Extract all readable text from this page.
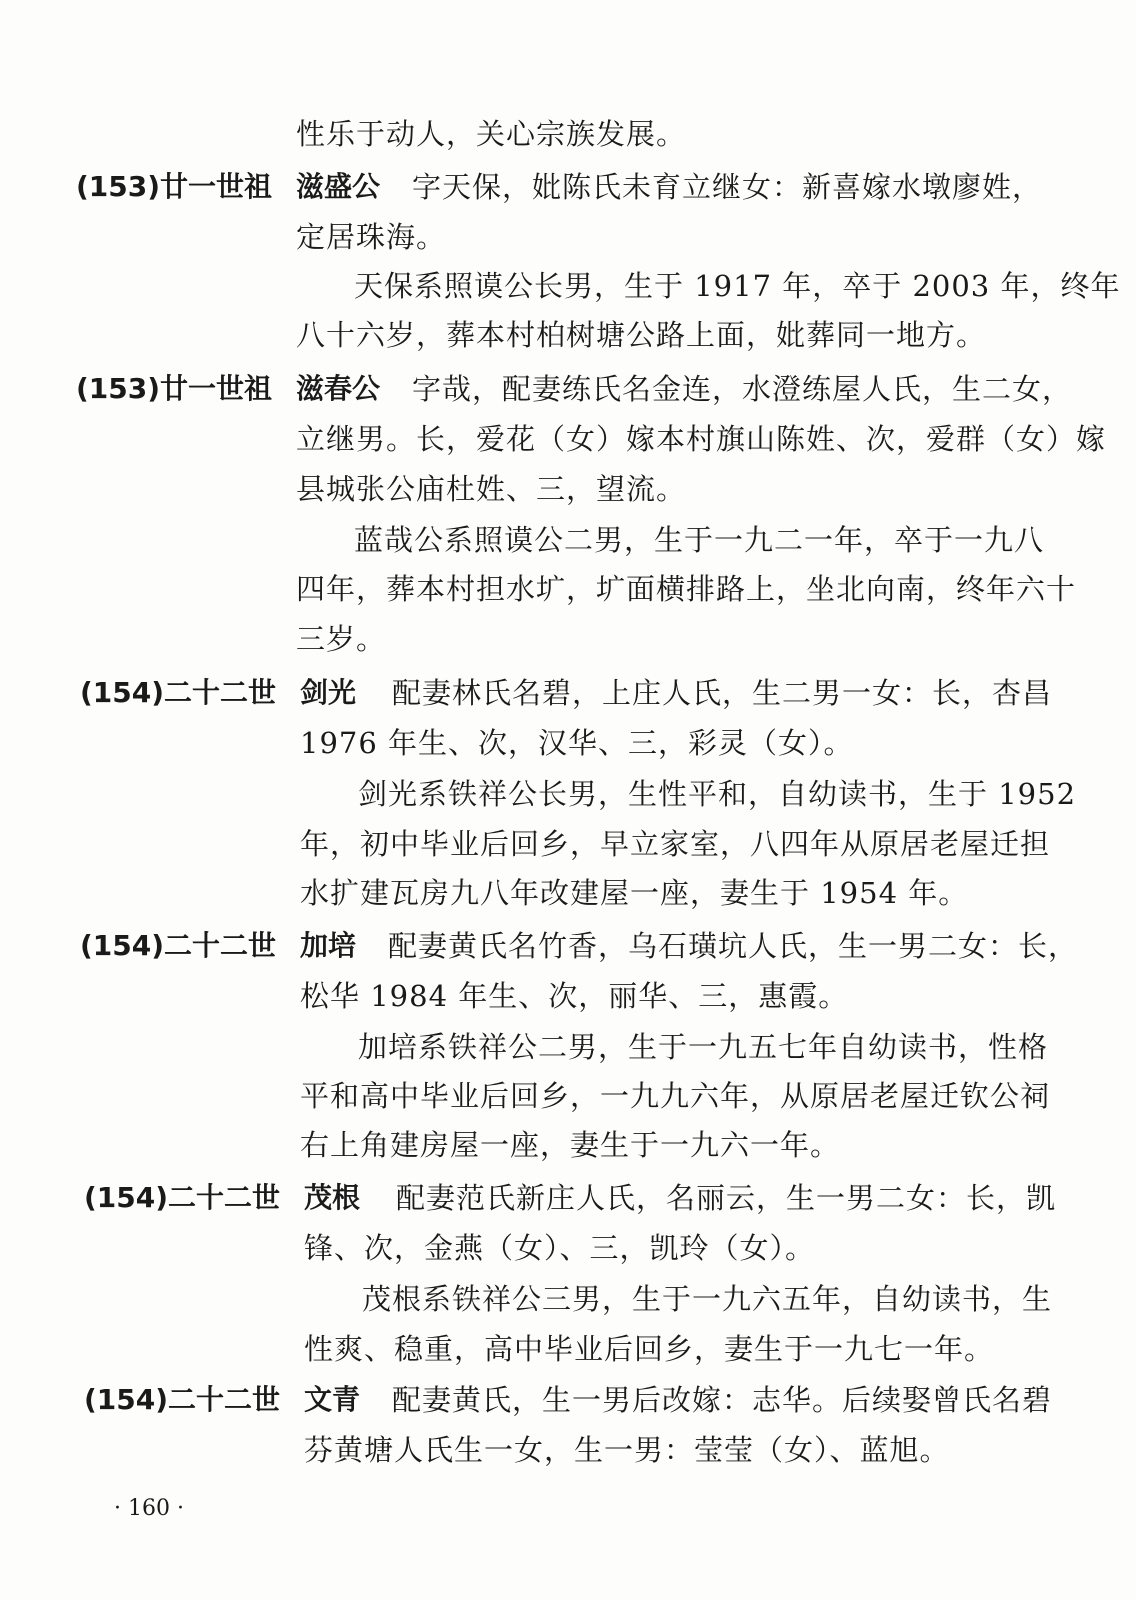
性乐于动人，关心宗族发展。
(153)廿一世祖 滋盛公 字天保，妣陈氏未育立继女：新喜嫁水墩廖姓，
定居珠海。
天保系照谟公长男，生于 1917 年，卒于 2003 年，终年
八十六岁，葬本村柏树塘公路上面，妣葬同一地方。
(153)廿一世祖 滋春公 字哉，配妻练氏名金连，水澄练屋人氏，生二女，
立继男。长，爱花（女）嫁本村旗山陈姓、次，爱群（女）嫁
县城张公庙杜姓、三，望流。
蓝哉公系照谟公二男，生于一九二一年，卒于一九八
四年，葬本村担水圹，圹面横排路上，坐北向南，终年六十
三岁。
(154)二十二世 剑光 配妻林氏名碧，上庄人氏，生二男一女：长，杏昌
1976 年生、次，汉华、三，彩灵（女）。
剑光系铁祥公长男，生性平和，自幼读书，生于 1952
年，初中毕业后回乡，早立家室，八四年从原居老屋迁担
水扩建瓦房九八年改建屋一座，妻生于 1954 年。
(154)二十二世 加培 配妻黄氏名竹香，乌石璜坑人氏，生一男二女：长，
松华 1984 年生、次，丽华、三，惠霞。
加培系铁祥公二男，生于一九五七年自幼读书，性格
平和高中毕业后回乡，一九九六年，从原居老屋迁钦公祠
右上角建房屋一座，妻生于一九六一年。
(154)二十二世 茂根 配妻范氏新庄人氏，名丽云，生一男二女：长，凯
锋、次，金燕（女）、三，凯玲（女）。
茂根系铁祥公三男，生于一九六五年，自幼读书，生
性爽、稳重，高中毕业后回乡，妻生于一九七一年。
(154)二十二世 文青 配妻黄氏，生一男后改嫁：志华。后续娶曾氏名碧
芬黄塘人氏生一女，生一男：莹莹（女）、蓝旭。
· 160 ·
